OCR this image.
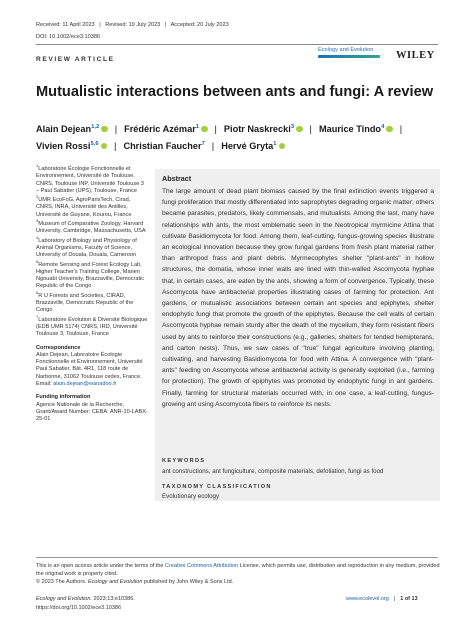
Received: 11 April 2023 | Revised: 19 July 2023 | Accepted: 20 July 2023
DOI: 10.1002/ece3.10386
REVIEW ARTICLE
Ecology and Evolution	WILEY
Mutualistic interactions between ants and fungi: A review
Alain Dejean$^{1,2}$ | Frédéric Azémar$^1$ | Piotr Naskrecki$^3$ | Maurice Tindo$^4$ |
Vivien Rossi$^{5,6}$ | Christian Faucher$^7$ | Hervé Gryta$^1$
$^1$Laboratoire Écologie Fonctionnelle et Environnement, Université de Toulouse, CNRS, Toulouse INP, Université Toulouse 3 – Paul Sabatier (UPS), Toulouse, France
$^2$UMR EcoFoG, AgroParisTech, Cirad, CNRS, INRA, Université des Antilles, Université de Guyane, Kourou, France
$^3$Museum of Comparative Zoology, Harvard University, Cambridge, Massachusetts, USA
$^4$Laboratory of Biology and Physiology of Animal Organisms, Faculty of Science, University of Douala, Douala, Cameroon
$^5$Remote Sensing and Forest Ecology Lab, Higher Teacher's Training College, Marien Ngouabi University, Brazzaville, Democratic Republic of the Congo
$^6$R U Forests and Societies, CIRAD, Brazzaville, Democratic Republic of the Congo
$^7$Laboratoire Évolution & Diversité Biologique (EDB UMR 5174) CNRS, IRD, Université Toulouse 3, Toulouse, France
Correspondence
Alain Dejean, Laboratoire Écologie Fonctionnelle et Environnement, Université Paul Sabatier, Bât. 4R1, 118 route de Narbonne, 31062 Toulouse cedex, France.
Email: alain.dejean@wanadoo.fr
Funding information
Agence Nationale de la Recherche, Grant/Award Number: CEBA: ANR-10-LABX-25-01
Abstract
The large amount of dead plant biomass caused by the final extinction events triggered a fungi proliferation that mostly differentiated into saprophytes degrading organic matter; others became parasites, predators, likely commensals, and mutualists. Among the last, many have relationships with ants, the most emblematic seen in the Neotropical myrmicine Attina that cultivate Basidiomycota for food. Among them, leaf-cutting, fungus-growing species illustrate an ecological innovation because they grow fungal gardens from fresh plant material rather than arthropod frass and plant debris. Myrmecophytes shelter "plant-ants" in hollow structures, the domatia, whose inner walls are lined with thin-walled Ascomycota hyphae that, in certain cases, are eaten by the ants, showing a form of convergence. Typically, these Ascomycota have antibacterial properties illustrating cases of farming for protection. Ant gardens, or mutualistic associations between certain ant species and epiphytes, shelter endophytic fungi that promote the growth of the epiphytes. Because the cell walls of certain Ascomycota hyphae remain sturdy after the death of the mycelium, they form resistant fibers used by ants to reinforce their constructions (e.g., galleries, shelters for tended hemipterans, and carton nests). Thus, we saw cases of "true" fungal agriculture involving planting, cultivating, and harvesting Basidiomycota for food with Attina. A convergence with "plant-ants" feeding on Ascomycota whose antibacterial activity is generally exploited (i.e., farming for protection). The growth of epiphytes was promoted by endophytic fungi in ant gardens. Finally, farming for structural materials occurred with, in one case, a leaf-cutting, fungus-growing ant using Ascomycota fibers to reinforce its nests.
KEYWORDS
ant constructions, ant fungiculture, composite materials, defoliation, fungi as food
TAXONOMY CLASSIFICATION
Evolutionary ecology
This is an open access article under the terms of the Creative Commons Attribution License, which permits use, distribution and reproduction in any medium, provided the original work is properly cited.
© 2023 The Authors. Ecology and Evolution published by John Wiley & Sons Ltd.
Ecology and Evolution. 2023;13:e10386.
https://doi.org/10.1002/ece3.10386
www.ecolevol.org | 1 of 13
